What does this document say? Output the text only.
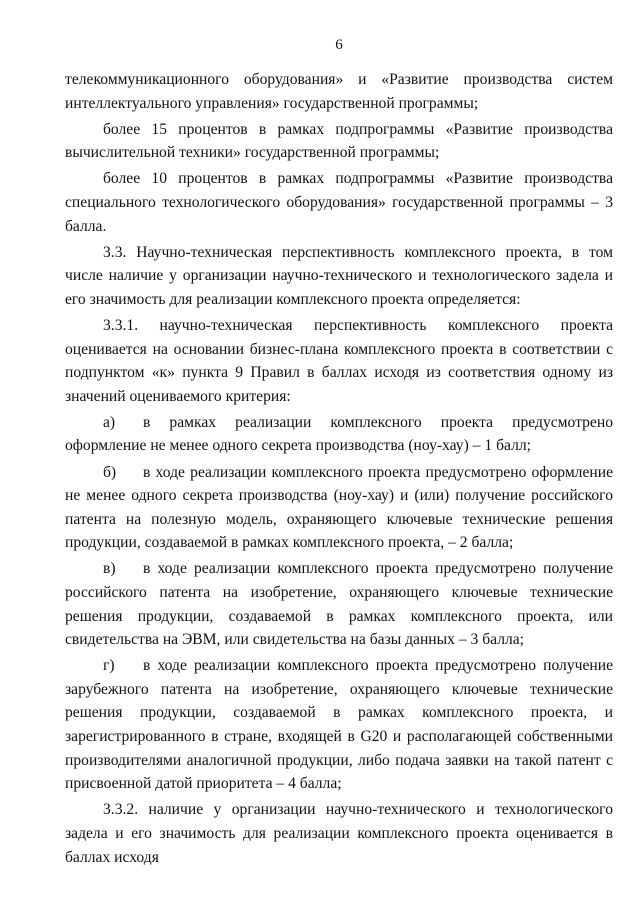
6

телекоммуникационного оборудования» и «Развитие производства систем интеллектуального управления» государственной программы;

более 15 процентов в рамках подпрограммы «Развитие производства вычислительной техники» государственной программы;

более 10 процентов в рамках подпрограммы «Развитие производства специального технологического оборудования» государственной программы – 3 балла.

3.3. Научно-техническая перспективность комплексного проекта, в том числе наличие у организации научно-технического и технологического задела и его значимость для реализации комплексного проекта определяется:

3.3.1. научно-техническая перспективность комплексного проекта оценивается на основании бизнес-плана комплексного проекта в соответствии с подпунктом «к» пункта 9 Правил в баллах исходя из соответствия одному из значений оцениваемого критерия:

а) в рамках реализации комплексного проекта предусмотрено оформление не менее одного секрета производства (ноу-хау) – 1 балл;

б) в ходе реализации комплексного проекта предусмотрено оформление не менее одного секрета производства (ноу-хау) и (или) получение российского патента на полезную модель, охраняющего ключевые технические решения продукции, создаваемой в рамках комплексного проекта, – 2 балла;

в) в ходе реализации комплексного проекта предусмотрено получение российского патента на изобретение, охраняющего ключевые технические решения продукции, создаваемой в рамках комплексного проекта, или свидетельства на ЭВМ, или свидетельства на базы данных – 3 балла;

г) в ходе реализации комплексного проекта предусмотрено получение зарубежного патента на изобретение, охраняющего ключевые технические решения продукции, создаваемой в рамках комплексного проекта, и зарегистрированного в стране, входящей в G20 и располагающей собственными производителями аналогичной продукции, либо подача заявки на такой патент с присвоенной датой приоритета – 4 балла;

3.3.2. наличие у организации научно-технического и технологического задела и его значимость для реализации комплексного проекта оценивается в баллах исходя
